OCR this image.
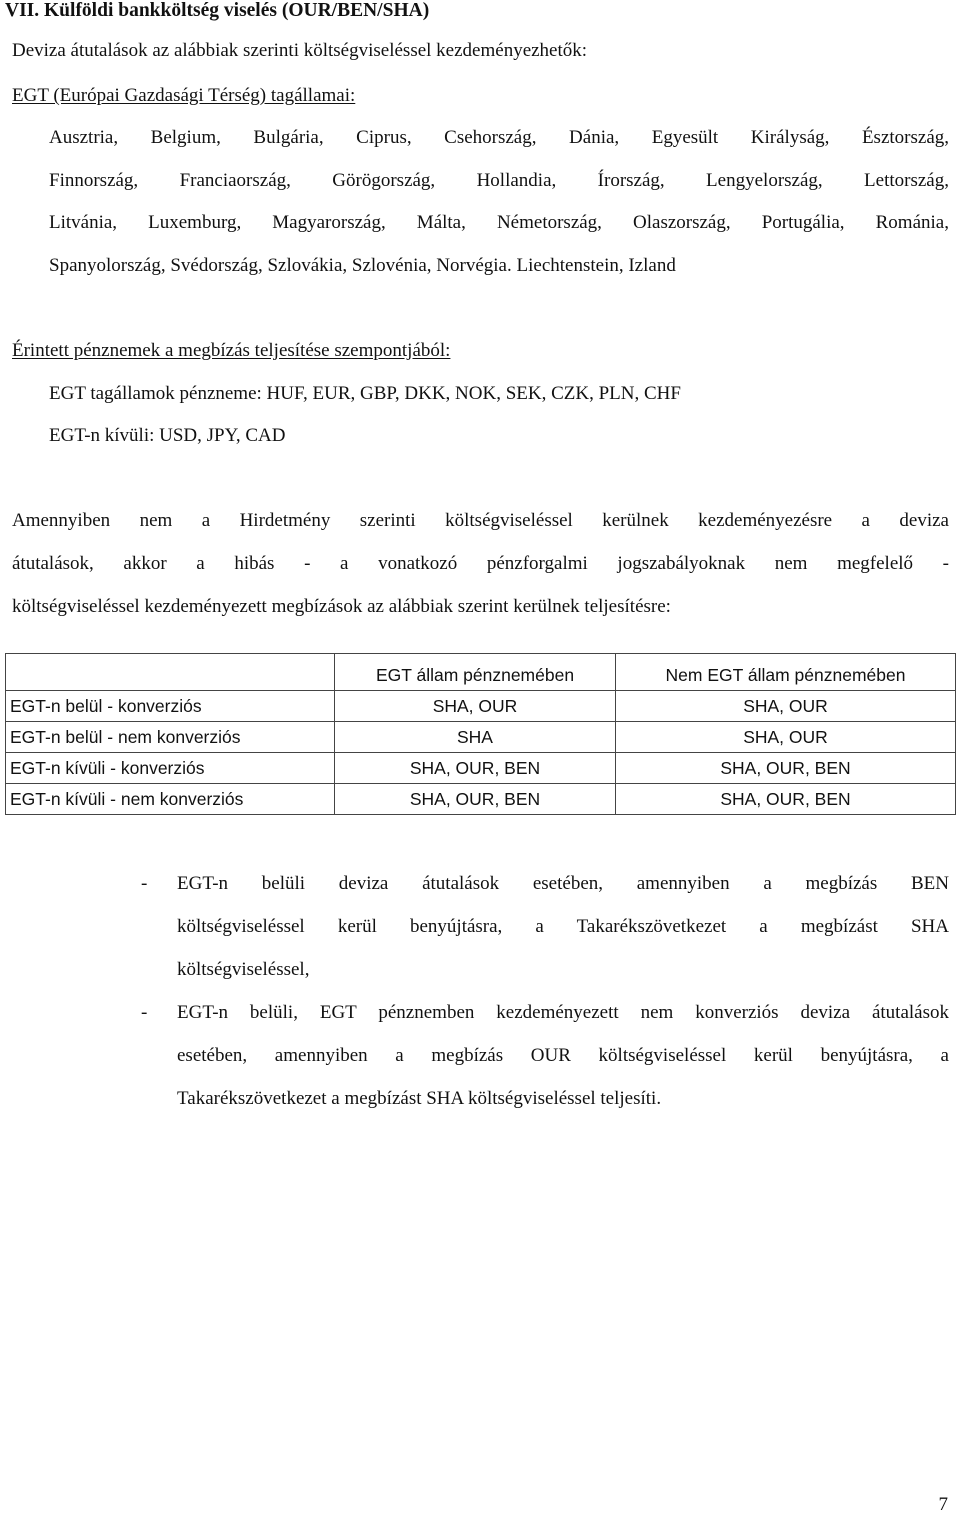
VII. Külföldi bankköltség viselés (OUR/BEN/SHA)
Deviza átutalások az alábbiak szerinti költségviseléssel kezdeményezhetők:
EGT (Európai Gazdasági Térség) tagállamai:
Ausztria, Belgium, Bulgária, Ciprus, Csehország, Dánia, Egyesült Királyság, Észtország,
Finnország, Franciaország, Görögország, Hollandia, Írország, Lengyelország, Lettország,
Litvánia, Luxemburg, Magyarország, Málta, Németország, Olaszország, Portugália, Románia,
Spanyolország, Svédország, Szlovákia, Szlovénia, Norvégia. Liechtenstein, Izland
Érintett pénznemek a megbízás teljesítése szempontjából:
EGT tagállamok pénzneme: HUF, EUR, GBP, DKK, NOK, SEK, CZK, PLN, CHF
EGT-n kívüli: USD, JPY, CAD
Amennyiben nem a Hirdetmény szerinti költségviseléssel kerülnek kezdeményezésre a deviza
átutalások, akkor a hibás - a vonatkozó pénzforgalmi jogszabályoknak nem megfelelő -
költségviseléssel kezdeményezett megbízások az alábbiak szerint kerülnek teljesítésre:
	EGT állam pénznemében	Nem EGT állam pénznemében
EGT-n belül - konverziós	SHA, OUR	SHA, OUR
EGT-n belül - nem konverziós	SHA	SHA, OUR
EGT-n kívüli - konverziós	SHA, OUR, BEN	SHA, OUR, BEN
EGT-n kívüli - nem konverziós	SHA, OUR, BEN	SHA, OUR, BEN
- EGT-n belüli deviza átutalások esetében, amennyiben a megbízás BEN
költségviseléssel kerül benyújtásra, a Takarékszövetkezet a megbízást SHA
költségviseléssel,
- EGT-n belüli, EGT pénznemben kezdeményezett nem konverziós deviza átutalások
esetében, amennyiben a megbízás OUR költségviseléssel kerül benyújtásra, a
Takarékszövetkezet a megbízást SHA költségviseléssel teljesíti.
7
